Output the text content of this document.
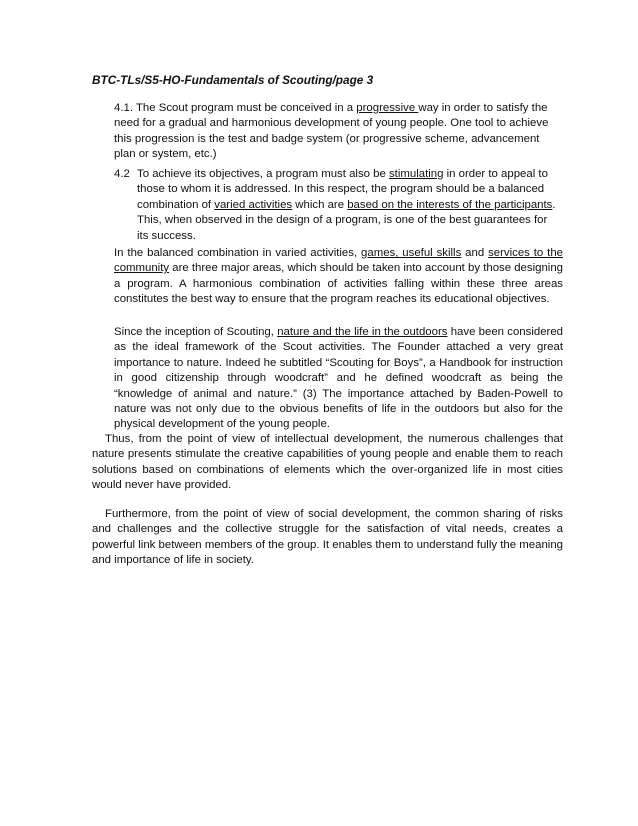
BTC-TLs/S5-HO-Fundamentals of Scouting/page 3

4.1. The Scout program must be conceived in a progressive way in order to satisfy the need for a gradual and harmonious development of young people. One tool to achieve this progression is the test and badge system (or progressive scheme, advancement plan or system, etc.)

4.2 To achieve its objectives, a program must also be stimulating in order to appeal to those to whom it is addressed. In this respect, the program should be a balanced combination of varied activities which are based on the interests of the participants. This, when observed in the design of a program, is one of the best guarantees for its success.

In the balanced combination in varied activities, games, useful skills and services to the community are three major areas, which should be taken into account by those designing a program. A harmonious combination of activities falling within these three areas constitutes the best way to ensure that the program reaches its educational objectives.

Since the inception of Scouting, nature and the life in the outdoors have been considered as the ideal framework of the Scout activities. The Founder attached a very great importance to nature. Indeed he subtitled “Scouting for Boys”, a Handbook for instruction in good citizenship through woodcraft” and he defined woodcraft as being the “knowledge of animal and nature.” (3) The importance attached by Baden-Powell to nature was not only due to the obvious benefits of life in the outdoors but also for the physical development of the young people.

Thus, from the point of view of intellectual development, the numerous challenges that nature presents stimulate the creative capabilities of young people and enable them to reach solutions based on combinations of elements which the over-organized life in most cities would never have provided.

Furthermore, from the point of view of social development, the common sharing of risks and challenges and the collective struggle for the satisfaction of vital needs, creates a powerful link between members of the group. It enables them to understand fully the meaning and importance of life in society.
